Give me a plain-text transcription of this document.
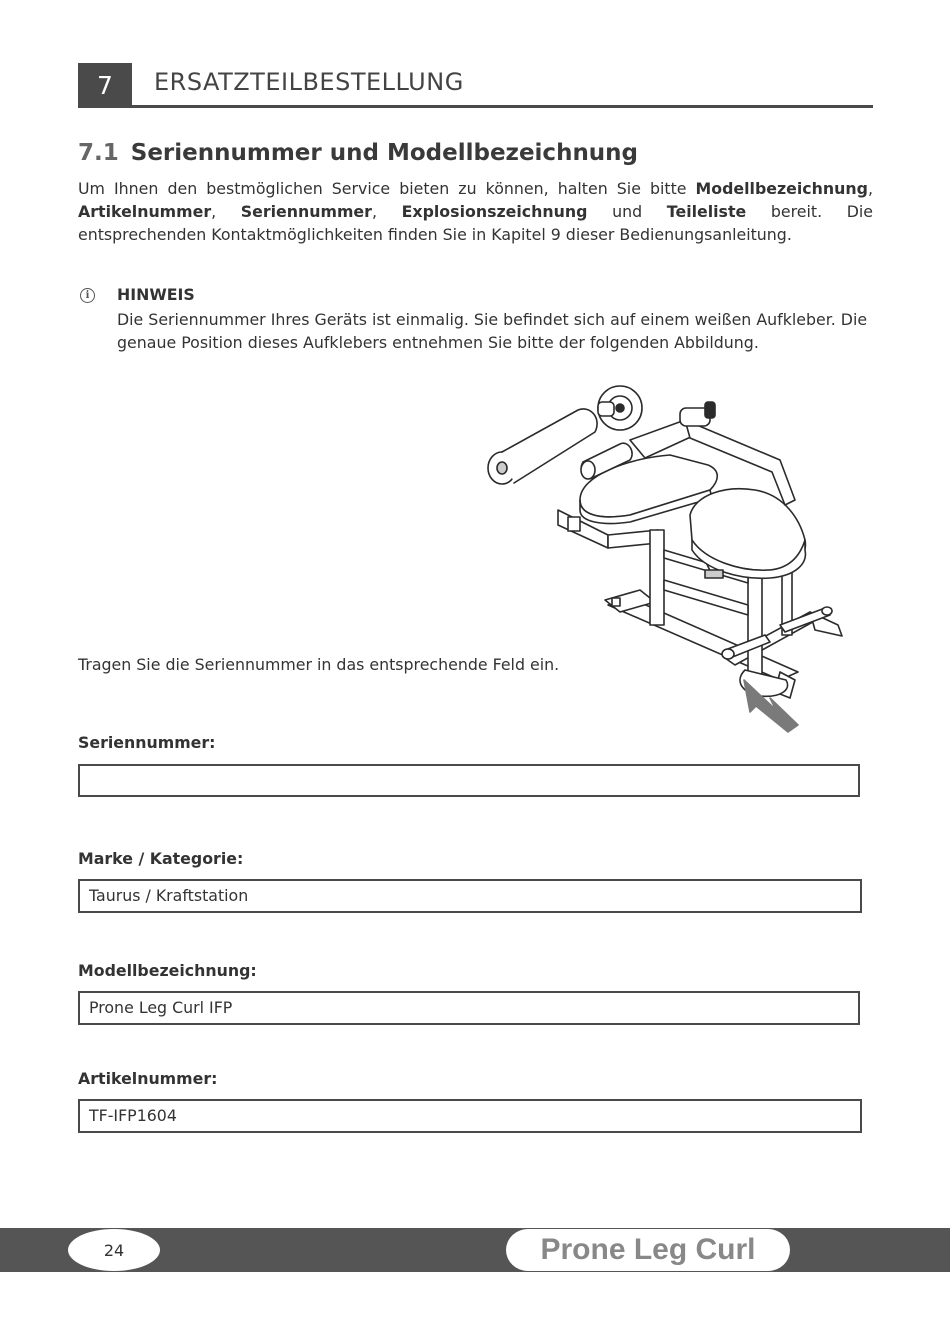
7 ERSATZTEILBESTELLUNG
7.1 Seriennummer und Modellbezeichnung
Um Ihnen den bestmöglichen Service bieten zu können, halten Sie bitte Modellbezeichnung, Artikelnummer, Seriennummer, Explosionszeichnung und Teileliste bereit. Die entsprechenden Kontaktmöglichkeiten finden Sie in Kapitel 9 dieser Bedienungsanleitung.
i	HINWEIS
Die Seriennummer Ihres Geräts ist einmalig. Sie befindet sich auf einem weißen Aufkleber. Die genaue Position dieses Aufklebers entnehmen Sie bitte der folgenden Abbildung.
Tragen Sie die Seriennummer in das entsprechende Feld ein.
Seriennummer:
Marke / Kategorie:
Taurus / Kraftstation
Modellbezeichnung:
Prone Leg Curl IFP
Artikelnummer:
TF-IFP1604
24	Prone Leg Curl
